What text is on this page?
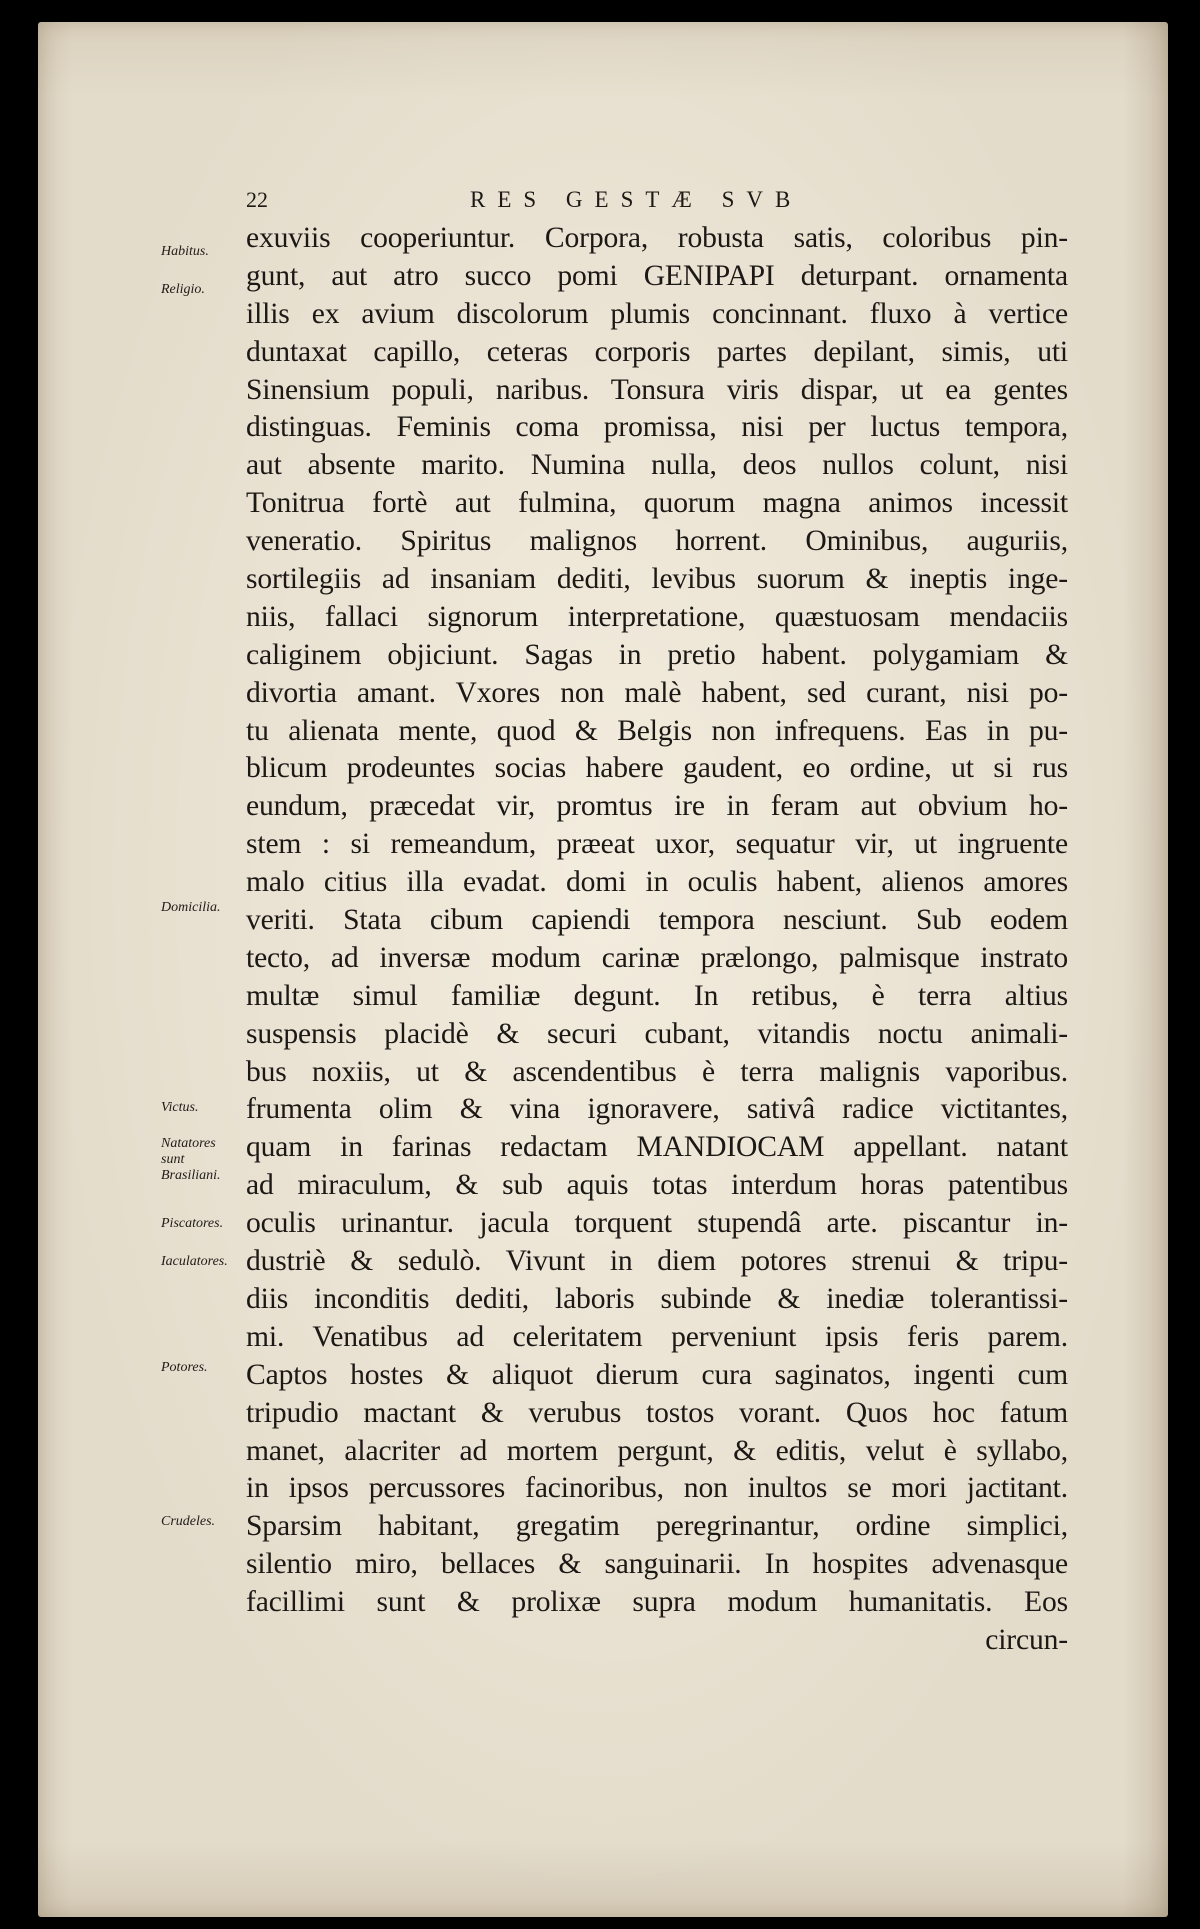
22	RES GESTÆ SVB
Habitus.
Religio.
Domicilia.
Victus.
Natatores sunt Brasiliani.
Piscatores.
Iaculatores.
Potores.
Crudeles.
exuviis cooperiuntur. Corpora, robusta satis, coloribus pin-
gunt, aut atro succo pomi GENIPAPI deturpant. ornamenta
illis ex avium discolorum plumis concinnant. fluxo à vertice
duntaxat capillo, ceteras corporis partes depilant, simis, uti
Sinensium populi, naribus. Tonsura viris dispar, ut ea gentes
distinguas. Feminis coma promissa, nisi per luctus tempora,
aut absente marito. Numina nulla, deos nullos colunt, nisi
Tonitrua fortè aut fulmina, quorum magna animos incessit
veneratio. Spiritus malignos horrent. Ominibus, auguriis,
sortilegiis ad insaniam dediti, levibus suorum & ineptis inge-
niis, fallaci signorum interpretatione, quæstuosam mendaciis
caliginem objiciunt. Sagas in pretio habent. polygamiam &
divortia amant. Vxores non malè habent, sed curant, nisi po-
tu alienata mente, quod & Belgis non infrequens. Eas in pu-
blicum prodeuntes socias habere gaudent, eo ordine, ut si rus
eundum, præcedat vir, promtus ire in feram aut obvium ho-
stem : si remeandum, præeat uxor, sequatur vir, ut ingruente
malo citius illa evadat. domi in oculis habent, alienos amores
veriti. Stata cibum capiendi tempora nesciunt. Sub eodem
tecto, ad inversæ modum carinæ prælongo, palmisque instrato
multæ simul familiæ degunt. In retibus, è terra altius
suspensis placidè & securi cubant, vitandis noctu animali-
bus noxiis, ut & ascendentibus è terra malignis vaporibus.
frumenta olim & vina ignoravere, sativâ radice victitantes,
quam in farinas redactam MANDIOCAM appellant. natant
ad miraculum, & sub aquis totas interdum horas patentibus
oculis urinantur. jacula torquent stupendâ arte. piscantur in-
dustriè & sedulò. Vivunt in diem potores strenui & tripu-
diis inconditis dediti, laboris subinde & inediæ tolerantissi-
mi. Venatibus ad celeritatem perveniunt ipsis feris parem.
Captos hostes & aliquot dierum cura saginatos, ingenti cum
tripudio mactant & verubus tostos vorant. Quos hoc fatum
manet, alacriter ad mortem pergunt, & editis, velut è syllabo,
in ipsos percussores facinoribus, non inultos se mori jactitant.
Sparsim habitant, gregatim peregrinantur, ordine simplici,
silentio miro, bellaces & sanguinarii. In hospites advenasque
facillimi sunt & prolixæ supra modum humanitatis. Eos
circun-
